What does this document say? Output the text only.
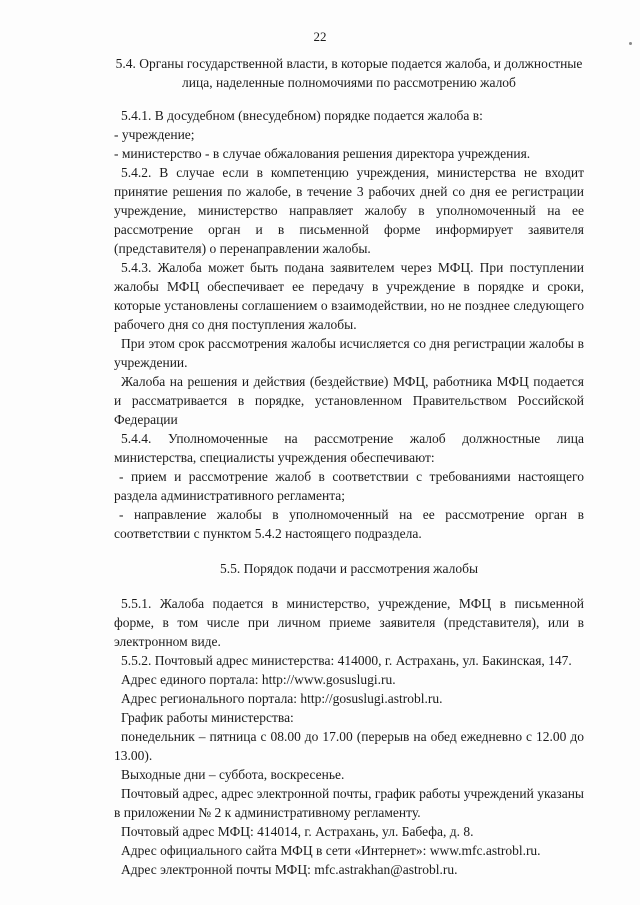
22

5.4. Органы государственной власти, в которые подается жалоба, и должностные лица, наделенные полномочиями по рассмотрению жалоб

5.4.1. В досудебном (внесудебном) порядке подается жалоба в:

- учреждение;

- министерство - в случае обжалования решения директора учреждения.

5.4.2. В случае если в компетенцию учреждения, министерства не входит принятие решения по жалобе, в течение 3 рабочих дней со дня ее регистрации учреждение, министерство направляет жалобу в уполномоченный на ее рассмотрение орган и в письменной форме информирует заявителя (представителя) о перенаправлении жалобы.

5.4.3. Жалоба может быть подана заявителем через МФЦ. При поступлении жалобы МФЦ обеспечивает ее передачу в учреждение в порядке и сроки, которые установлены соглашением о взаимодействии, но не позднее следующего рабочего дня со дня поступления жалобы.

При этом срок рассмотрения жалобы исчисляется со дня регистрации жалобы в учреждении.

Жалоба на решения и действия (бездействие) МФЦ, работника МФЦ подается и рассматривается в порядке, установленном Правительством Российской Федерации

5.4.4. Уполномоченные на рассмотрение жалоб должностные лица министерства, специалисты учреждения обеспечивают:

- прием и рассмотрение жалоб в соответствии с требованиями настоящего раздела административного регламента;

- направление жалобы в уполномоченный на ее рассмотрение орган в соответствии с пунктом 5.4.2 настоящего подраздела.

5.5. Порядок подачи и рассмотрения жалобы

5.5.1. Жалоба подается в министерство, учреждение, МФЦ в письменной форме, в том числе при личном приеме заявителя (представителя), или в электронном виде.

5.5.2. Почтовый адрес министерства: 414000, г. Астрахань, ул. Бакинская, 147.

Адрес единого портала: http://www.gosuslugi.ru.

Адрес регионального портала: http://gosuslugi.astrobl.ru.

График работы министерства:

понедельник – пятница с 08.00 до 17.00 (перерыв на обед ежедневно с 12.00 до 13.00).

Выходные дни – суббота, воскресенье.

Почтовый адрес, адрес электронной почты, график работы учреждений указаны в приложении № 2 к административному регламенту.

Почтовый адрес МФЦ: 414014, г. Астрахань, ул. Бабефа, д. 8.

Адрес официального сайта МФЦ в сети «Интернет»: www.mfc.astrobl.ru.

Адрес электронной почты МФЦ: mfc.astrakhan@astrobl.ru.
